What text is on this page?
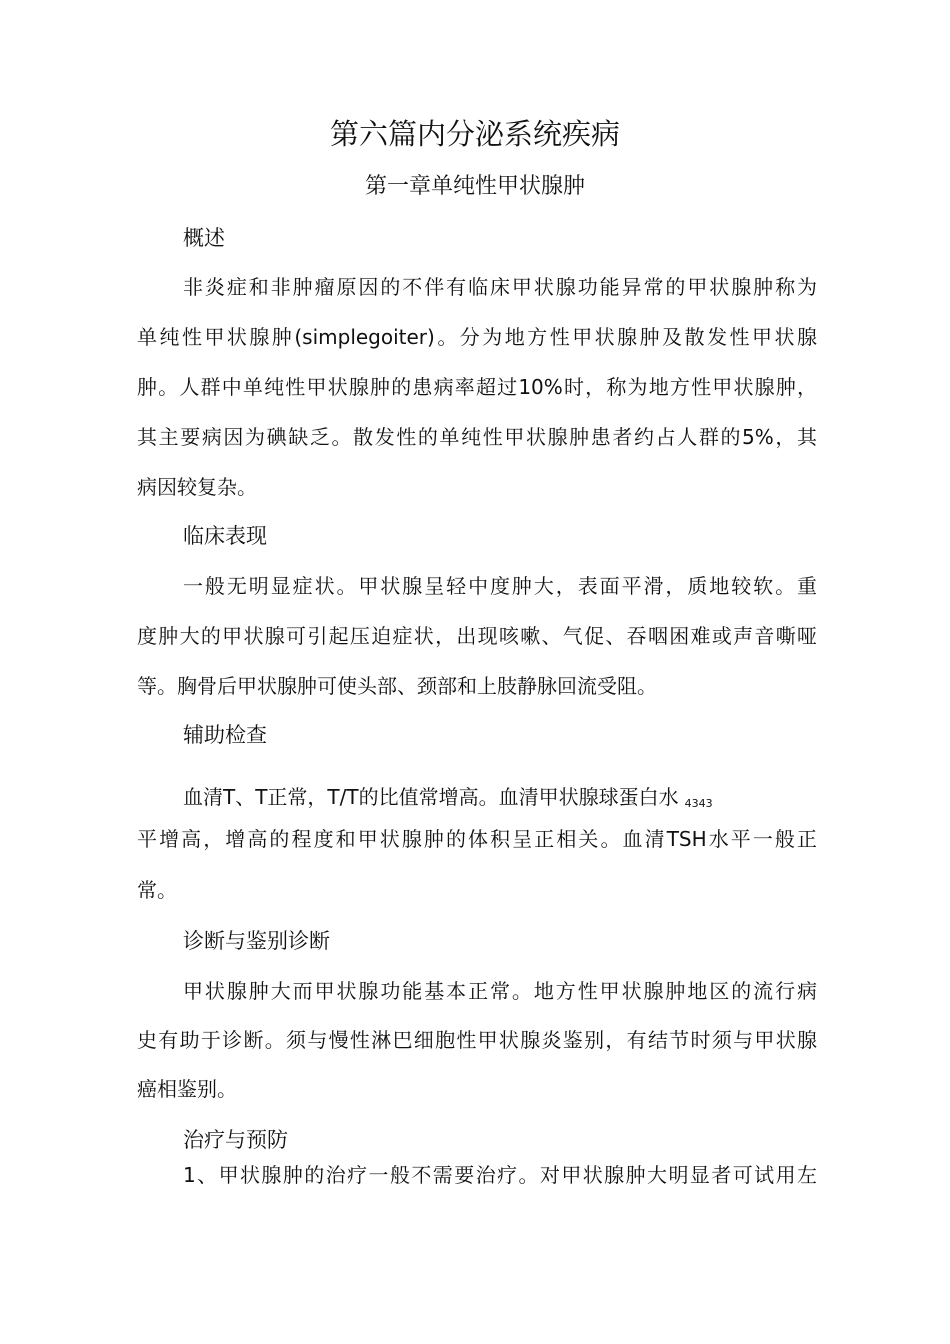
第六篇内分泌系统疾病
第一章单纯性甲状腺肿
概述
非炎症和非肿瘤原因的不伴有临床甲状腺功能异常的甲状腺肿称为
单纯性甲状腺肿(simplegoiter)。分为地方性甲状腺肿及散发性甲状腺
肿。人群中单纯性甲状腺肿的患病率超过10%时，称为地方性甲状腺肿，
其主要病因为碘缺乏。散发性的单纯性甲状腺肿患者约占人群的5%，其
病因较复杂。
临床表现
一般无明显症状。甲状腺呈轻中度肿大，表面平滑，质地较软。重
度肿大的甲状腺可引起压迫症状，出现咳嗽、气促、吞咽困难或声音嘶哑
等。胸骨后甲状腺肿可使头部、颈部和上肢静脉回流受阻。
辅助检查
血清T、T正常，T/T的比值常增高。血清甲状腺球蛋白水 $_{4343}$
平增高，增高的程度和甲状腺肿的体积呈正相关。血清TSH水平一般正
常。
诊断与鉴别诊断
甲状腺肿大而甲状腺功能基本正常。地方性甲状腺肿地区的流行病
史有助于诊断。须与慢性淋巴细胞性甲状腺炎鉴别，有结节时须与甲状腺
癌相鉴别。
治疗与预防
1、甲状腺肿的治疗一般不需要治疗。对甲状腺肿大明显者可试用左
